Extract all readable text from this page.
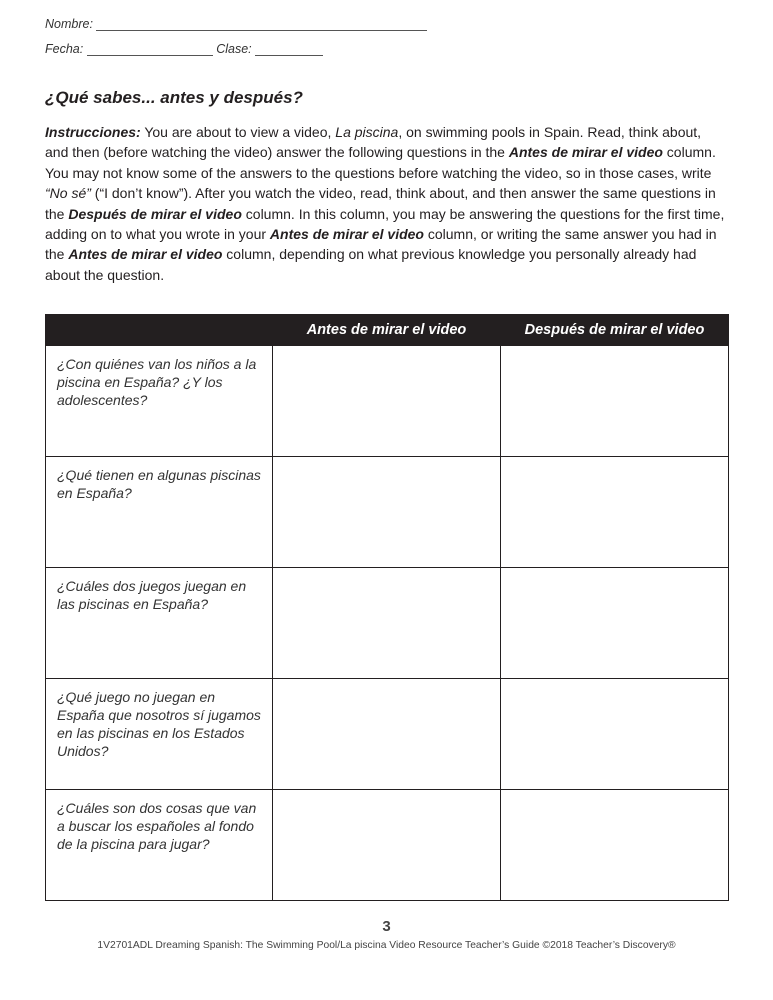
Nombre:
Fecha:	Clase:
¿Qué sabes... antes y después?

Instrucciones: You are about to view a video, La piscina, on swimming pools in Spain. Read, think about, and then (before watching the video) answer the following questions in the Antes de mirar el video column. You may not know some of the answers to the questions before watching the video, so in those cases, write “No sé” (“I don’t know”). After you watch the video, read, think about, and then answer the same questions in the Después de mirar el video column. In this column, you may be answering the questions for the first time, adding on to what you wrote in your Antes de mirar el video column, or writing the same answer you had in the Antes de mirar el video column, depending on what previous knowledge you personally already had about the question.

	Antes de mirar el video	Después de mirar el video
¿Con quiénes van los niños a la piscina en España? ¿Y los adolescentes?		
¿Qué tienen en algunas piscinas en España?		
¿Cuáles dos juegos juegan en las piscinas en España?		
¿Qué juego no juegan en España que nosotros sí jugamos en las piscinas en los Estados Unidos?		
¿Cuáles son dos cosas que van a buscar los españoles al fondo de la piscina para jugar?		
3
1V2701ADL Dreaming Spanish: The Swimming Pool/La piscina Video Resource Teacher’s Guide ©2018 Teacher’s Discovery®
